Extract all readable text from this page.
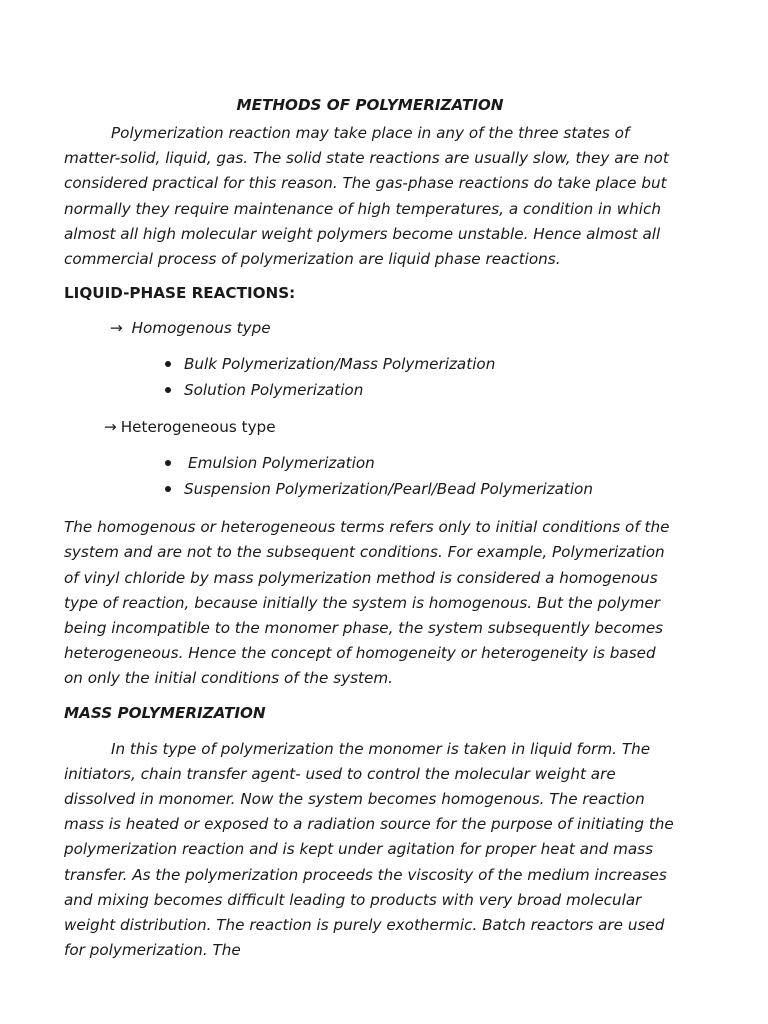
METHODS OF POLYMERIZATION

Polymerization reaction may take place in any of the three states of matter-solid, liquid, gas. The solid state reactions are usually slow, they are not considered practical for this reason. The gas-phase reactions do take place but normally they require maintenance of high temperatures, a condition in which almost all high molecular weight polymers become unstable. Hence almost all commercial process of polymerization are liquid phase reactions.

LIQUID-PHASE REACTIONS:

→ Homogenous type

Bulk Polymerization/Mass Polymerization
Solution Polymerization

→ Heterogeneous type

Emulsion Polymerization
Suspension Polymerization/Pearl/Bead Polymerization

The homogenous or heterogeneous terms refers only to initial conditions of the system and are not to the subsequent conditions. For example, Polymerization of vinyl chloride by mass polymerization method is considered a homogenous type of reaction, because initially the system is homogenous. But the polymer being incompatible to the monomer phase, the system subsequently becomes heterogeneous. Hence the concept of homogeneity or heterogeneity is based on only the initial conditions of the system.

MASS POLYMERIZATION

In this type of polymerization the monomer is taken in liquid form. The initiators, chain transfer agent- used to control the molecular weight are dissolved in monomer. Now the system becomes homogenous. The reaction mass is heated or exposed to a radiation source for the purpose of initiating the polymerization reaction and is kept under agitation for proper heat and mass transfer. As the polymerization proceeds the viscosity of the medium increases and mixing becomes difficult leading to products with very broad molecular weight distribution. The reaction is purely exothermic. Batch reactors are used for polymerization. The
